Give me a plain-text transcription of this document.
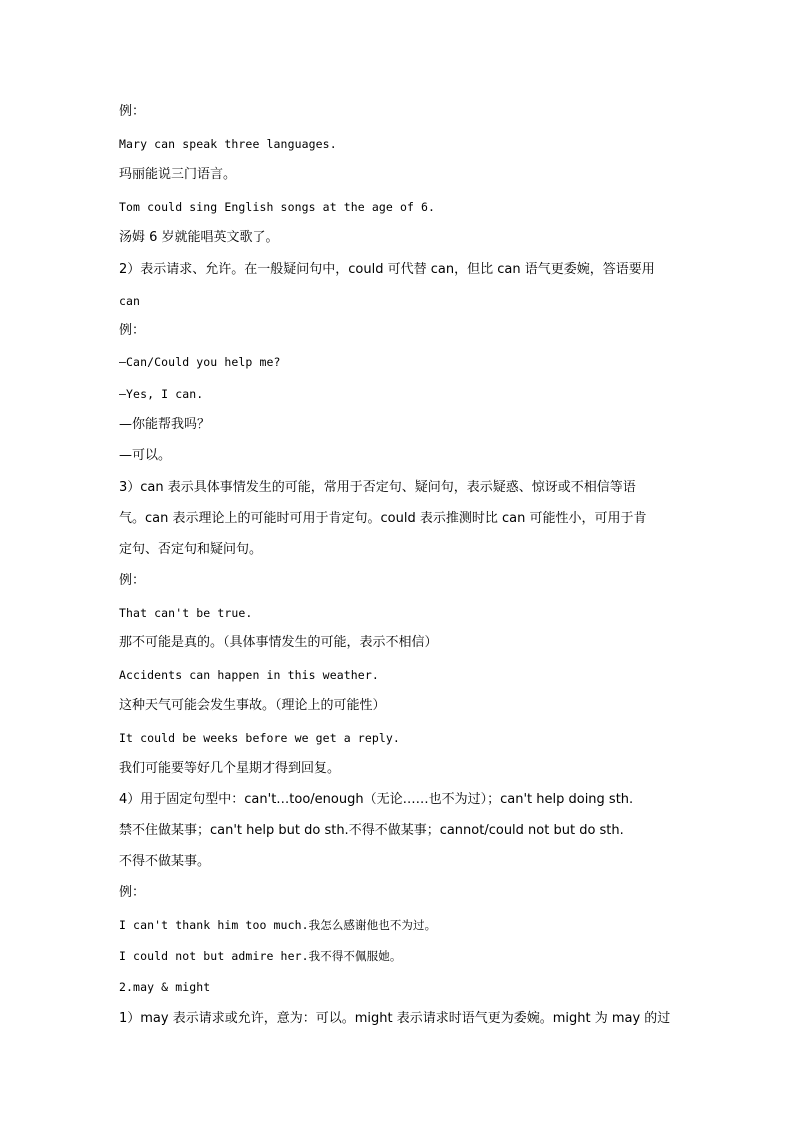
例：
Mary can speak three languages.
玛丽能说三门语言。
Tom could sing English songs at the age of 6.
汤姆 6 岁就能唱英文歌了。
2）表示请求、允许。在一般疑问句中，could 可代替 can，但比 can 语气更委婉，答语要用
can
例：
—Can/Could you help me?
—Yes, I can.
—你能帮我吗？
—可以。
3）can 表示具体事情发生的可能，常用于否定句、疑问句，表示疑惑、惊讶或不相信等语
气。can 表示理论上的可能时可用于肯定句。could 表示推测时比 can 可能性小，可用于肯
定句、否定句和疑问句。
例：
That can't be true.
那不可能是真的。（具体事情发生的可能，表示不相信）
Accidents can happen in this weather.
这种天气可能会发生事故。（理论上的可能性）
It could be weeks before we get a reply.
我们可能要等好几个星期才得到回复。
4）用于固定句型中：can't…too/enough（无论……也不为过）；can't help doing sth.
禁不住做某事；can't help but do sth.不得不做某事；cannot/could not but do sth.
不得不做某事。
例：
I can't thank him too much.我怎么感谢他也不为过。
I could not but admire her.我不得不佩服她。
2.may & might
1）may 表示请求或允许，意为：可以。might 表示请求时语气更为委婉。might 为 may 的过
